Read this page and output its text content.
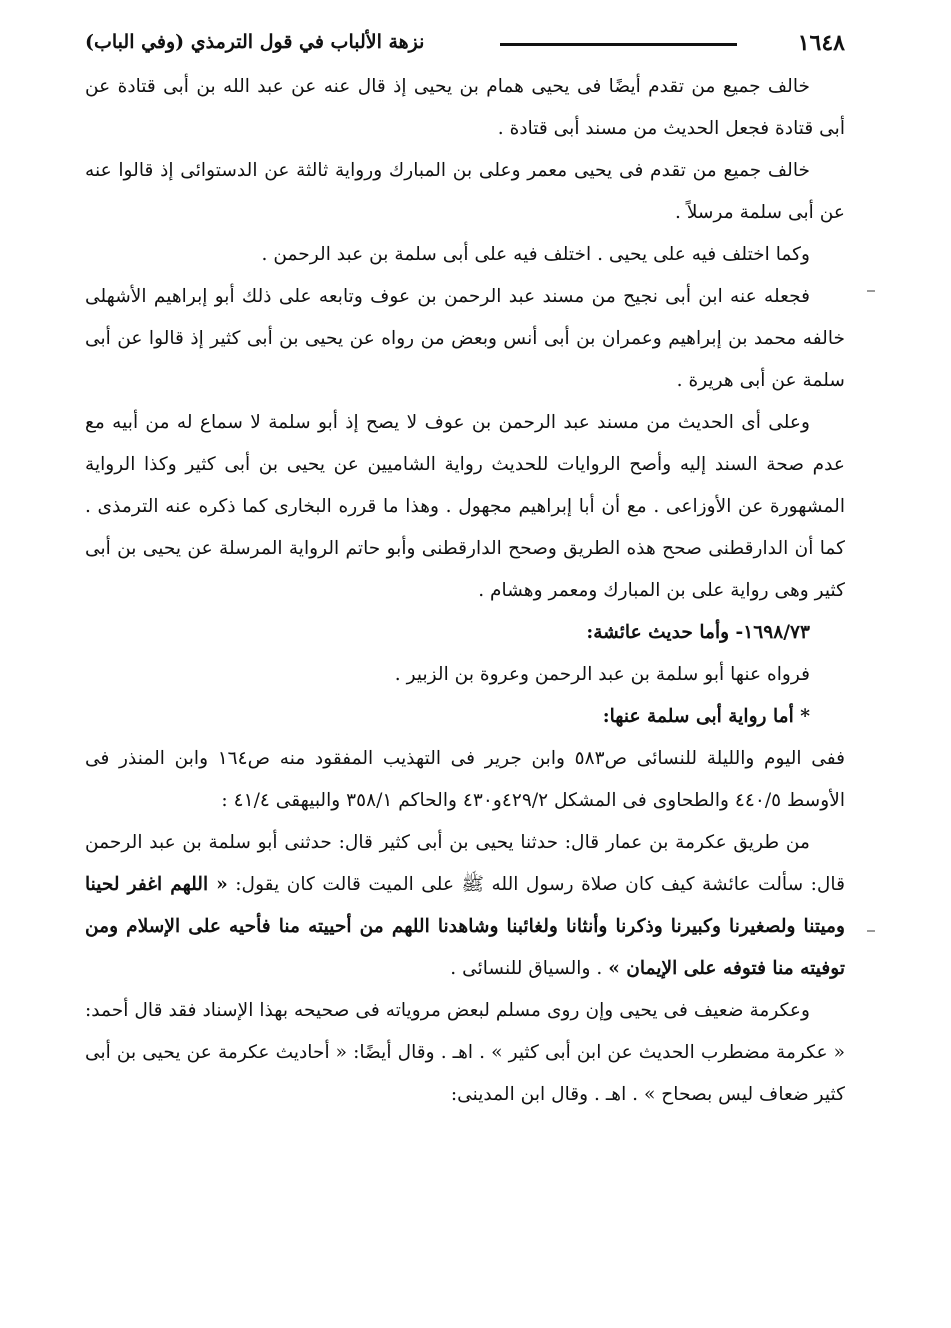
١٦٤٨
نزهة الألباب في قول الترمذي (وفي الباب)

خالف جميع من تقدم أيضًا فى يحيى همام بن يحيى إذ قال عنه عن عبد الله بن أبى قتادة عن أبى قتادة فجعل الحديث من مسند أبى قتادة .

خالف جميع من تقدم فى يحيى معمر وعلى بن المبارك ورواية ثالثة عن الدستوائى إذ قالوا عنه عن أبى سلمة مرسلاً .

وكما اختلف فيه على يحيى . اختلف فيه على أبى سلمة بن عبد الرحمن .

فجعله عنه ابن أبى نجيح من مسند عبد الرحمن بن عوف وتابعه على ذلك أبو إبراهيم الأشهلى خالفه محمد بن إبراهيم وعمران بن أبى أنس وبعض من رواه عن يحيى بن أبى كثير إذ قالوا عن أبى سلمة عن أبى هريرة .

وعلى أى الحديث من مسند عبد الرحمن بن عوف لا يصح إذ أبو سلمة لا سماع له من أبيه مع عدم صحة السند إليه وأصح الروايات للحديث رواية الشاميين عن يحيى بن أبى كثير وكذا الرواية المشهورة عن الأوزاعى . مع أن أبا إبراهيم مجهول . وهذا ما قرره البخارى كما ذكره عنه الترمذى . كما أن الدارقطنى صحح هذه الطريق وصحح الدارقطنى وأبو حاتم الرواية المرسلة عن يحيى بن أبى كثير وهى رواية على بن المبارك ومعمر وهشام .

١٦٩٨/٧٣- وأما حديث عائشة:

فرواه عنها أبو سلمة بن عبد الرحمن وعروة بن الزبير .

* أما رواية أبى سلمة عنها:

ففى اليوم والليلة للنسائى ص٥٨٣ وابن جرير فى التهذيب المفقود منه ص١٦٤ وابن المنذر فى الأوسط ٤٤٠/٥ والطحاوى فى المشكل ٤٢٩/٢و٤٣٠ والحاكم ٣٥٨/١ والبيهقى ٤١/٤ :

من طريق عكرمة بن عمار قال: حدثنا يحيى بن أبى كثير قال: حدثنى أبو سلمة بن عبد الرحمن قال: سألت عائشة كيف كان صلاة رسول الله ﷺ على الميت قالت كان يقول: « اللهم اغفر لحينا وميتنا ولصغيرنا وكبيرنا وذكرنا وأنثانا ولغائبنا وشاهدنا اللهم من أحييته منا فأحيه على الإسلام ومن توفيته منا فتوفه على الإيمان » . والسياق للنسائى .

وعكرمة ضعيف فى يحيى وإن روى مسلم لبعض مروياته فى صحيحه بهذا الإسناد فقد قال أحمد: « عكرمة مضطرب الحديث عن ابن أبى كثير » . اهـ . وقال أيضًا: « أحاديث عكرمة عن يحيى بن أبى كثير ضعاف ليس بصحاح » . اهـ . وقال ابن المدينى:
